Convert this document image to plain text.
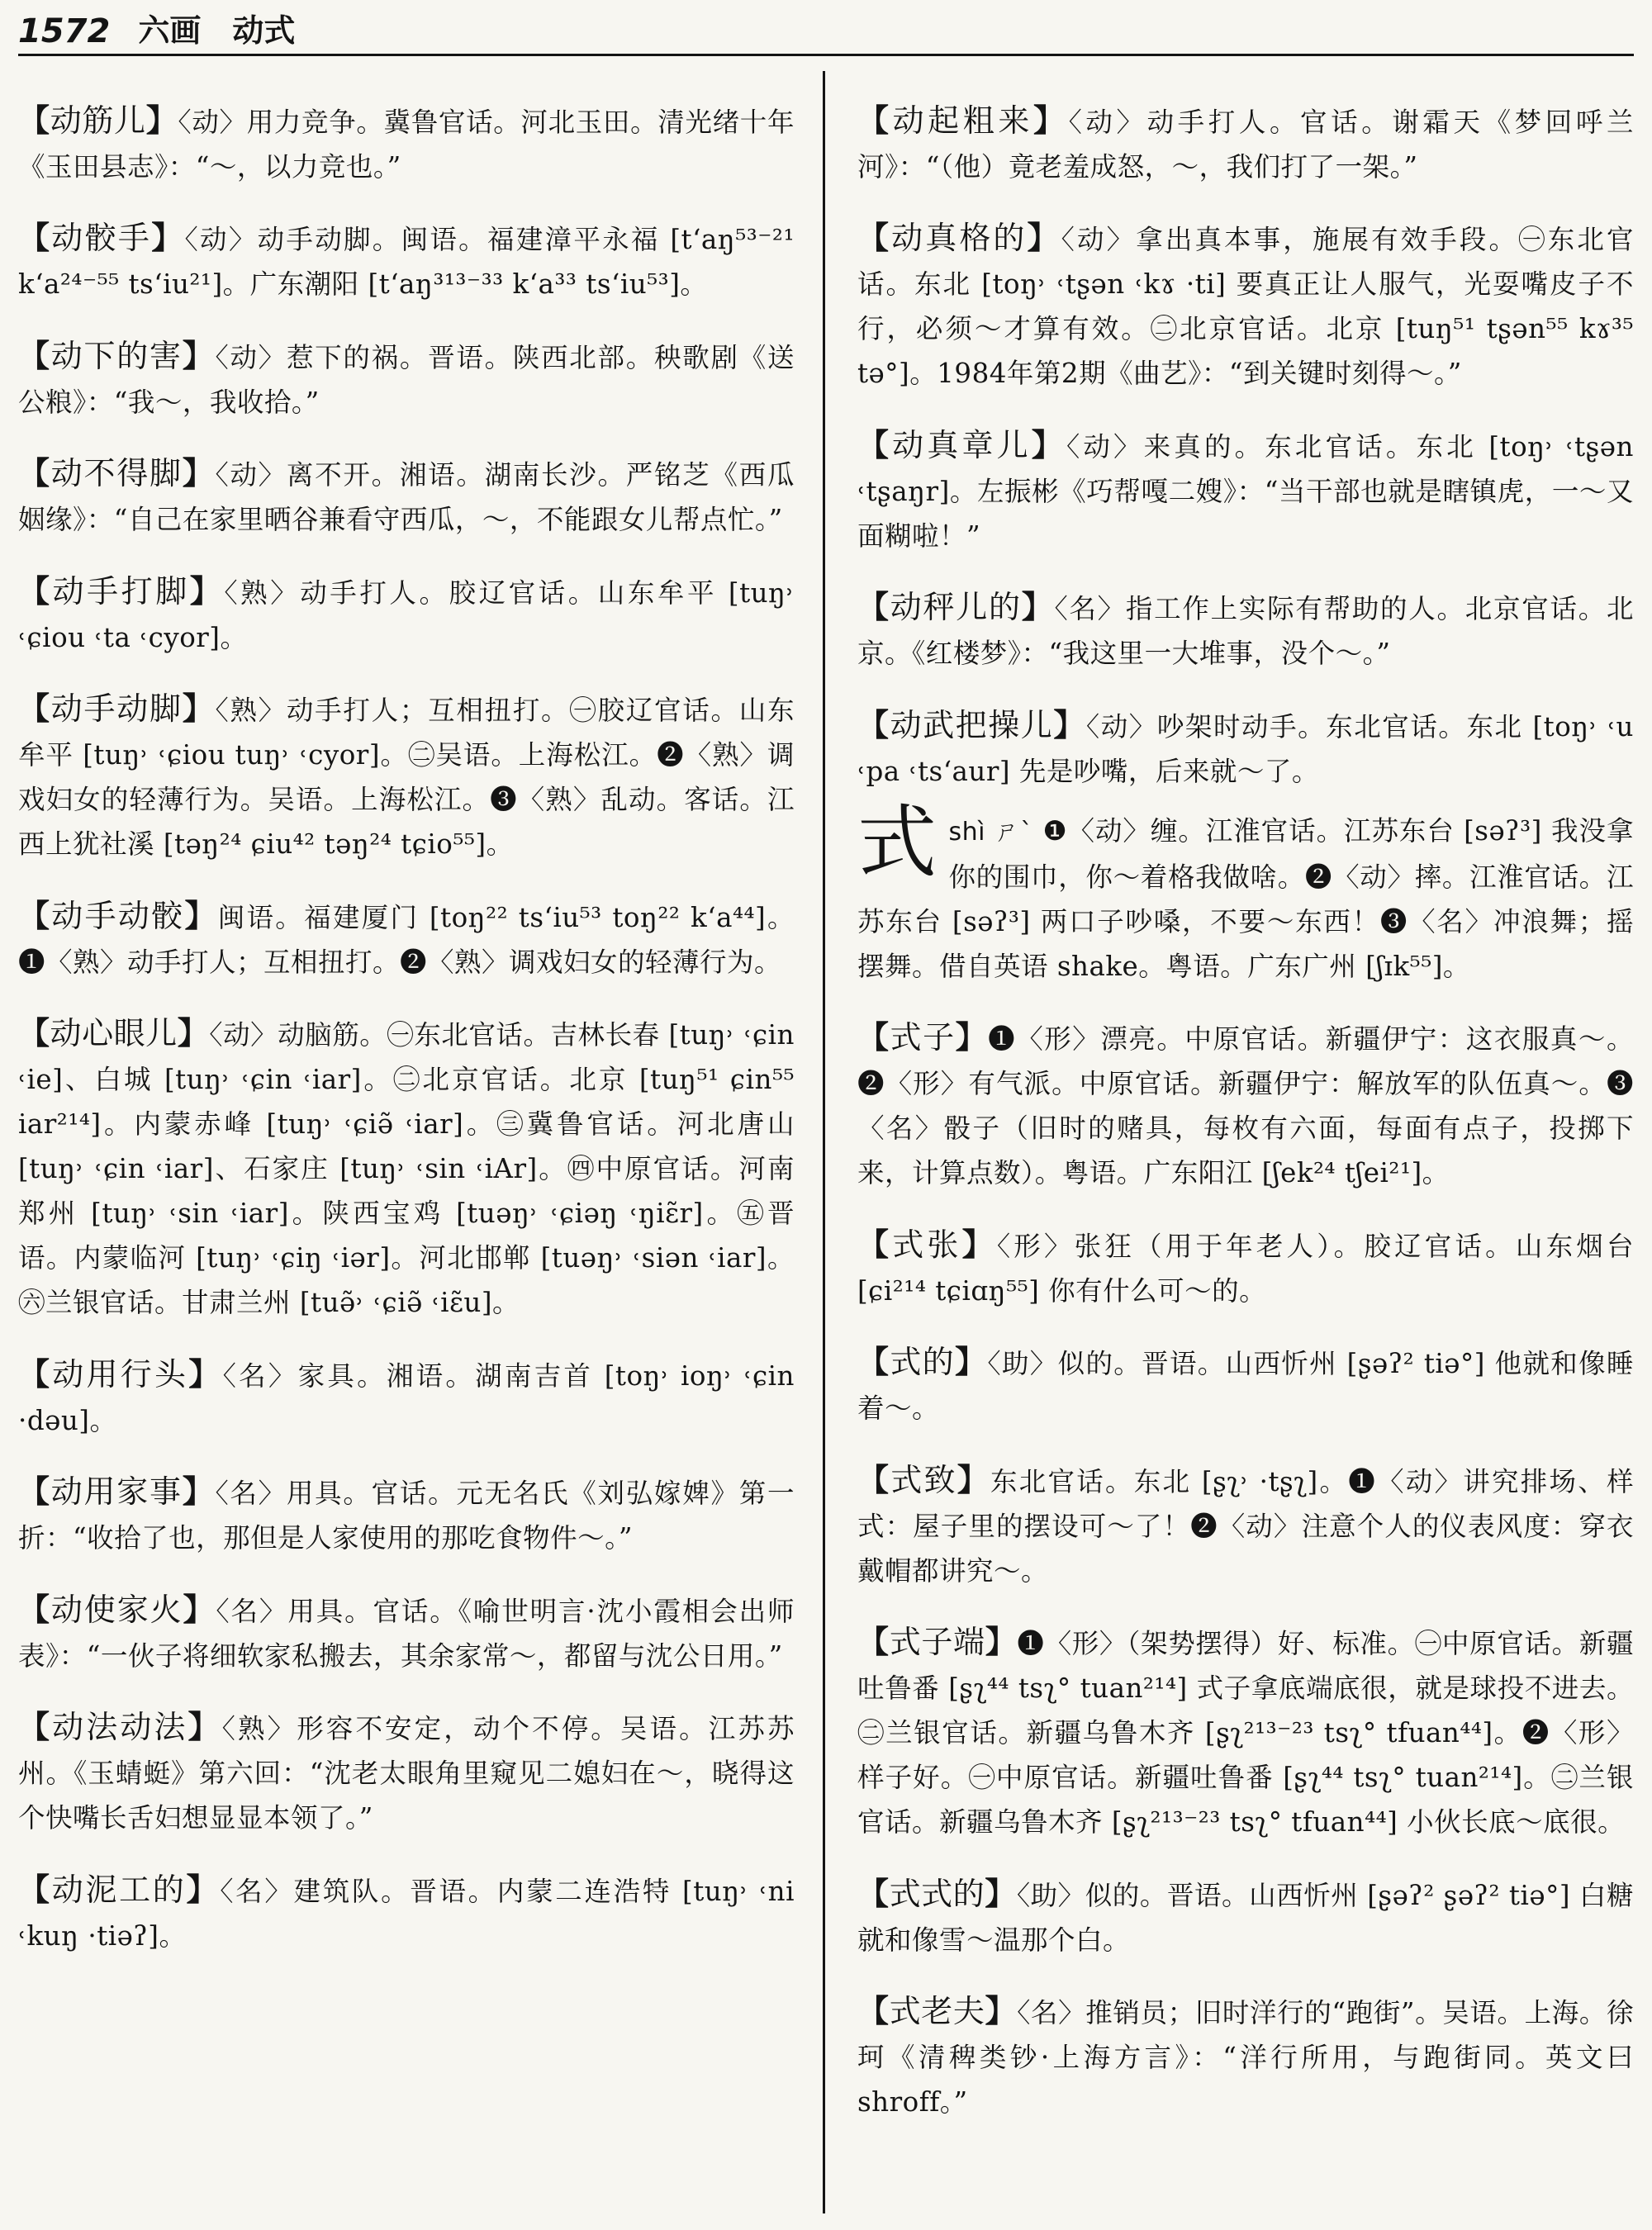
1572 六画　动式

【动筋儿】〈动〉用力竞争。冀鲁官话。河北玉田。清光绪十年《玉田县志》：“～，以力竞也。”

【动骹手】〈动〉动手动脚。闽语。福建漳平永福 [t‘aŋ⁵³⁻²¹ k‘a²⁴⁻⁵⁵ ts‘iu²¹]。广东潮阳 [t‘aŋ³¹³⁻³³ k‘a³³ ts‘iu⁵³]。

【动下的害】〈动〉惹下的祸。晋语。陕西北部。秧歌剧《送公粮》：“我～，我收拾。”

【动不得脚】〈动〉离不开。湘语。湖南长沙。严铭芝《西瓜姻缘》：“自己在家里晒谷兼看守西瓜，～，不能跟女儿帮点忙。”

【动手打脚】〈熟〉动手打人。胶辽官话。山东牟平 [tuŋ˒ ˓ɕiou ˓ta ˓cyor]。

【动手动脚】〈熟〉动手打人；互相扭打。㊀胶辽官话。山东牟平 [tuŋ˒ ˓ɕiou tuŋ˒ ˓cyor]。㊁吴语。上海松江。❷〈熟〉调戏妇女的轻薄行为。吴语。上海松江。❸〈熟〉乱动。客话。江西上犹社溪 [təŋ²⁴ ɕiu⁴² təŋ²⁴ tɕio⁵⁵]。

【动手动骹】闽语。福建厦门 [toŋ²² ts‘iu⁵³ toŋ²² k‘a⁴⁴]。❶〈熟〉动手打人；互相扭打。❷〈熟〉调戏妇女的轻薄行为。

【动心眼儿】〈动〉动脑筋。㊀东北官话。吉林长春 [tuŋ˒ ˓ɕin ˓ie]、白城 [tuŋ˒ ˓ɕin ˓iar]。㊁北京官话。北京 [tuŋ⁵¹ ɕin⁵⁵ iar²¹⁴]。内蒙赤峰 [tuŋ˒ ˓ɕiə̃ ˓iar]。㊂冀鲁官话。河北唐山 [tuŋ˒ ˓ɕin ˓iar]、石家庄 [tuŋ˒ ˓sin ˓iAr]。㊃中原官话。河南郑州 [tuŋ˒ ˓sin ˓iar]。陕西宝鸡 [tuəŋ˒ ˓ɕiəŋ ˓ŋiɛ̃r]。㊄晋语。内蒙临河 [tuŋ˒ ˓ɕiŋ ˓iər]。河北邯郸 [tuəŋ˒ ˓siən ˓iar]。㊅兰银官话。甘肃兰州 [tuə̃˒ ˓ɕiə̃ ˓iɛ̃u]。

【动用行头】〈名〉家具。湘语。湖南吉首 [toŋ˒ ioŋ˒ ˓ɕin ·dəu]。

【动用家事】〈名〉用具。官话。元无名氏《刘弘嫁婢》第一折：“收拾了也，那但是人家使用的那吃食物件～。”

【动使家火】〈名〉用具。官话。《喻世明言·沈小霞相会出师表》：“一伙子将细软家私搬去，其余家常～，都留与沈公日用。”

【动法动法】〈熟〉形容不安定，动个不停。吴语。江苏苏州。《玉蜻蜓》第六回：“沈老太眼角里窥见二媳妇在～，晓得这个快嘴长舌妇想显显本领了。”

【动泥工的】〈名〉建筑队。晋语。内蒙二连浩特 [tuŋ˒ ˓ni ˓kuŋ ·tiəʔ]。

【动起粗来】〈动〉动手打人。官话。谢霜天《梦回呼兰河》：“（他）竟老羞成怒，～，我们打了一架。”

【动真格的】〈动〉拿出真本事，施展有效手段。㊀东北官话。东北 [toŋ˒ ˓tʂən ˓kɤ ·ti] 要真正让人服气，光耍嘴皮子不行，必须～才算有效。㊁北京官话。北京 [tuŋ⁵¹ tʂən⁵⁵ kɤ³⁵ tə°]。1984年第2期《曲艺》：“到关键时刻得～。”

【动真章儿】〈动〉来真的。东北官话。东北 [toŋ˒ ˓tʂən ˓tʂaŋr]。左振彬《巧帮嘎二嫂》：“当干部也就是瞎镇虎，一～又面糊啦！”

【动秤儿的】〈名〉指工作上实际有帮助的人。北京官话。北京。《红楼梦》：“我这里一大堆事，没个～。”

【动武把操儿】〈动〉吵架时动手。东北官话。东北 [toŋ˒ ˓u ˓pa ˓ts‘aur] 先是吵嘴，后来就～了。

式 shì ㄕˋ ❶〈动〉缠。江淮官话。江苏东台 [səʔ³] 我没拿你的围巾，你～着格我做啥。❷〈动〉摔。江淮官话。江苏东台 [səʔ³] 两口子吵嗓，不要～东西！❸〈名〉冲浪舞；摇摆舞。借自英语 shake。粤语。广东广州 [ʃɪk⁵⁵]。

【式子】❶〈形〉漂亮。中原官话。新疆伊宁：这衣服真～。❷〈形〉有气派。中原官话。新疆伊宁：解放军的队伍真～。❸〈名〉骰子（旧时的赌具，每枚有六面，每面有点子，投掷下来，计算点数）。粤语。广东阳江 [ʃek²⁴ tʃei²¹]。

【式张】〈形〉张狂（用于年老人）。胶辽官话。山东烟台 [ɕi²¹⁴ tɕiɑŋ⁵⁵] 你有什么可～的。

【式的】〈助〉似的。晋语。山西忻州 [ʂəʔ² tiə°] 他就和像睡着～。

【式致】东北官话。东北 [ʂʅ˒ ·tʂʅ]。❶〈动〉讲究排场、样式：屋子里的摆设可～了！❷〈动〉注意个人的仪表风度：穿衣戴帽都讲究～。

【式子端】❶〈形〉（架势摆得）好、标准。㊀中原官话。新疆吐鲁番 [ʂʅ⁴⁴ tsʅ° tuan²¹⁴] 式子拿底端底很，就是球投不进去。㊁兰银官话。新疆乌鲁木齐 [ʂʅ²¹³⁻²³ tsʅ° tfuan⁴⁴]。❷〈形〉样子好。㊀中原官话。新疆吐鲁番 [ʂʅ⁴⁴ tsʅ° tuan²¹⁴]。㊁兰银官话。新疆乌鲁木齐 [ʂʅ²¹³⁻²³ tsʅ° tfuan⁴⁴] 小伙长底～底很。

【式式的】〈助〉似的。晋语。山西忻州 [ʂəʔ² ʂəʔ² tiə°] 白糖就和像雪～温那个白。

【式老夫】〈名〉推销员；旧时洋行的“跑街”。吴语。上海。徐珂《清稗类钞·上海方言》：“洋行所用，与跑街同。英文曰 shroff。”
